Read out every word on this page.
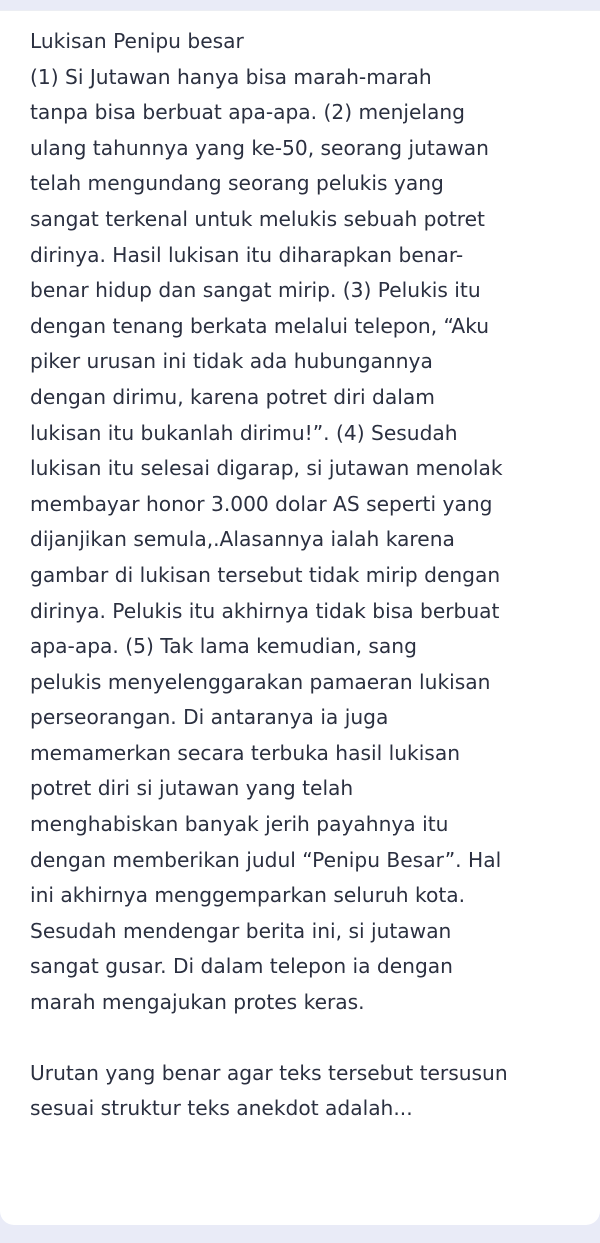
Lukisan Penipu besar
(1) Si Jutawan hanya bisa marah-marah
tanpa bisa berbuat apa-apa. (2) menjelang
ulang tahunnya yang ke-50, seorang jutawan
telah mengundang seorang pelukis yang
sangat terkenal untuk melukis sebuah potret
dirinya. Hasil lukisan itu diharapkan benar-
benar hidup dan sangat mirip. (3) Pelukis itu
dengan tenang berkata melalui telepon, “Aku
piker urusan ini tidak ada hubungannya
dengan dirimu, karena potret diri dalam
lukisan itu bukanlah dirimu!”. (4) Sesudah
lukisan itu selesai digarap, si jutawan menolak
membayar honor 3.000 dolar AS seperti yang
dijanjikan semula,.Alasannya ialah karena
gambar di lukisan tersebut tidak mirip dengan
dirinya. Pelukis itu akhirnya tidak bisa berbuat
apa-apa. (5) Tak lama kemudian, sang
pelukis menyelenggarakan pamaeran lukisan
perseorangan. Di antaranya ia juga
memamerkan secara terbuka hasil lukisan
potret diri si jutawan yang telah
menghabiskan banyak jerih payahnya itu
dengan memberikan judul “Penipu Besar”. Hal
ini akhirnya menggemparkan seluruh kota.
Sesudah mendengar berita ini, si jutawan
sangat gusar. Di dalam telepon ia dengan
marah mengajukan protes keras.
Urutan yang benar agar teks tersebut tersusun
sesuai struktur teks anekdot adalah...
